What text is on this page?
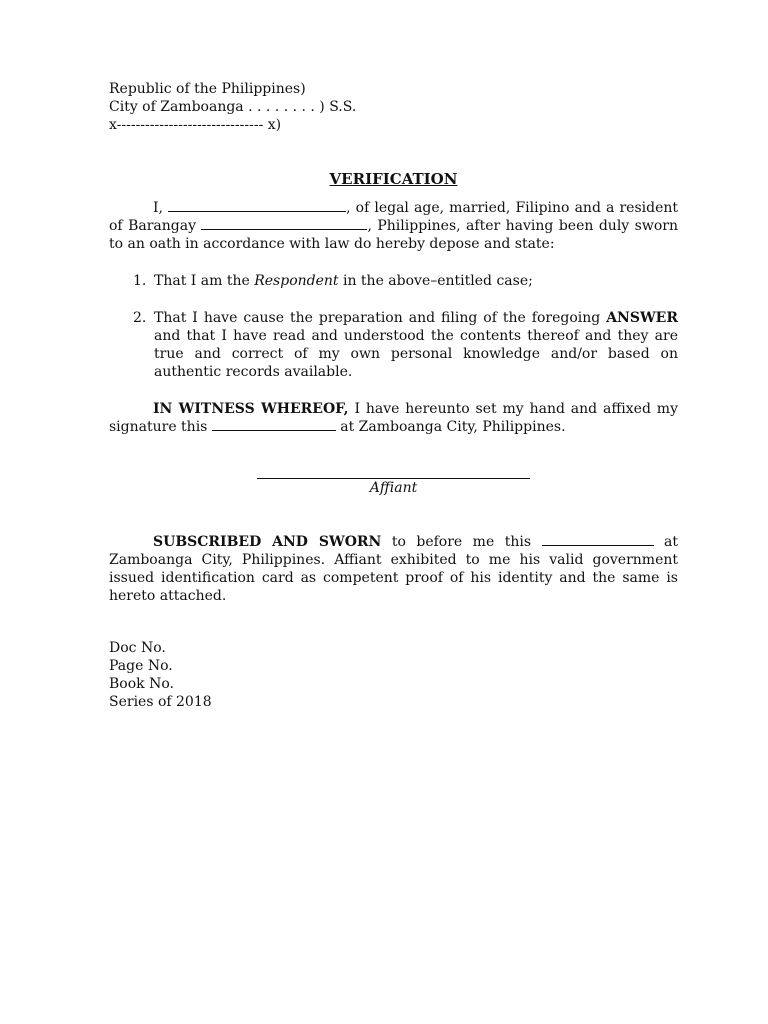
Republic of the Philippines)
City of Zamboanga . . . . . . . . ) S.S.
x------------------------------- x)
VERIFICATION

I,	, of legal age, married, Filipino and a resident of Barangay	, Philippines, after having been duly sworn to an oath in accordance with law do hereby depose and state:

1. That I am the Respondent in the above–entitled case;
2. That I have cause the preparation and filing of the foregoing ANSWER and that I have read and understood the contents thereof and they are true and correct of my own personal knowledge and/or based on authentic records available.

IN WITNESS WHEREOF, I have hereunto set my hand and affixed my signature this	at Zamboanga City, Philippines.

Affiant

SUBSCRIBED AND SWORN to before me this	at Zamboanga City, Philippines. Affiant exhibited to me his valid government issued identification card as competent proof of his identity and the same is hereto attached.

Doc No.
Page No.
Book No.
Series of 2018
